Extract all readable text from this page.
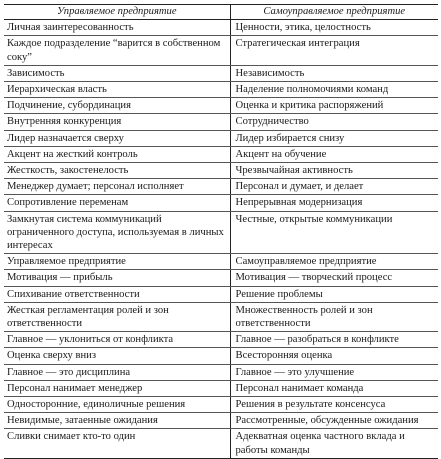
Управляемое предприятие	Самоуправляемое предприятие
Личная заинтересованность	Ценности, этика, целостность
Каждое подразделение “варится в собственном соку”	Стратегическая интеграция
Зависимость	Независимость
Иерархическая власть	Наделение полномочиями команд
Подчинение, субординация	Оценка и критика распоряжений
Внутренняя конкуренция	Сотрудничество
Лидер назначается сверху	Лидер избирается снизу
Акцент на жесткий контроль	Акцент на обучение
Жесткость, закостенелость	Чрезвычайная активность
Менеджер думает; персонал исполняет	Персонал и думает, и делает
Сопротивление переменам	Непрерывная модернизация
Замкнутая система коммуникаций ограниченного доступа, используемая в личных интересах	Честные, открытые коммуникации
Управляемое предприятие	Самоуправляемое предприятие
Мотивация — прибыль	Мотивация — творческий процесс
Спихивание ответственности	Решение проблемы
Жесткая регламентация ролей и зон ответственности	Множественность ролей и зон ответственности
Главное — уклониться от конфликта	Главное — разобраться в конфликте
Оценка сверху вниз	Всесторонняя оценка
Главное — это дисциплина	Главное — это улучшение
Персонал нанимает менеджер	Персонал нанимает команда
Односторонние, единоличные решения	Решения в результате консенсуса
Невидимые, затаенные ожидания	Рассмотренные, обсужденные ожидания
Сливки снимает кто-то один	Адекватная оценка частного вклада и работы команды
